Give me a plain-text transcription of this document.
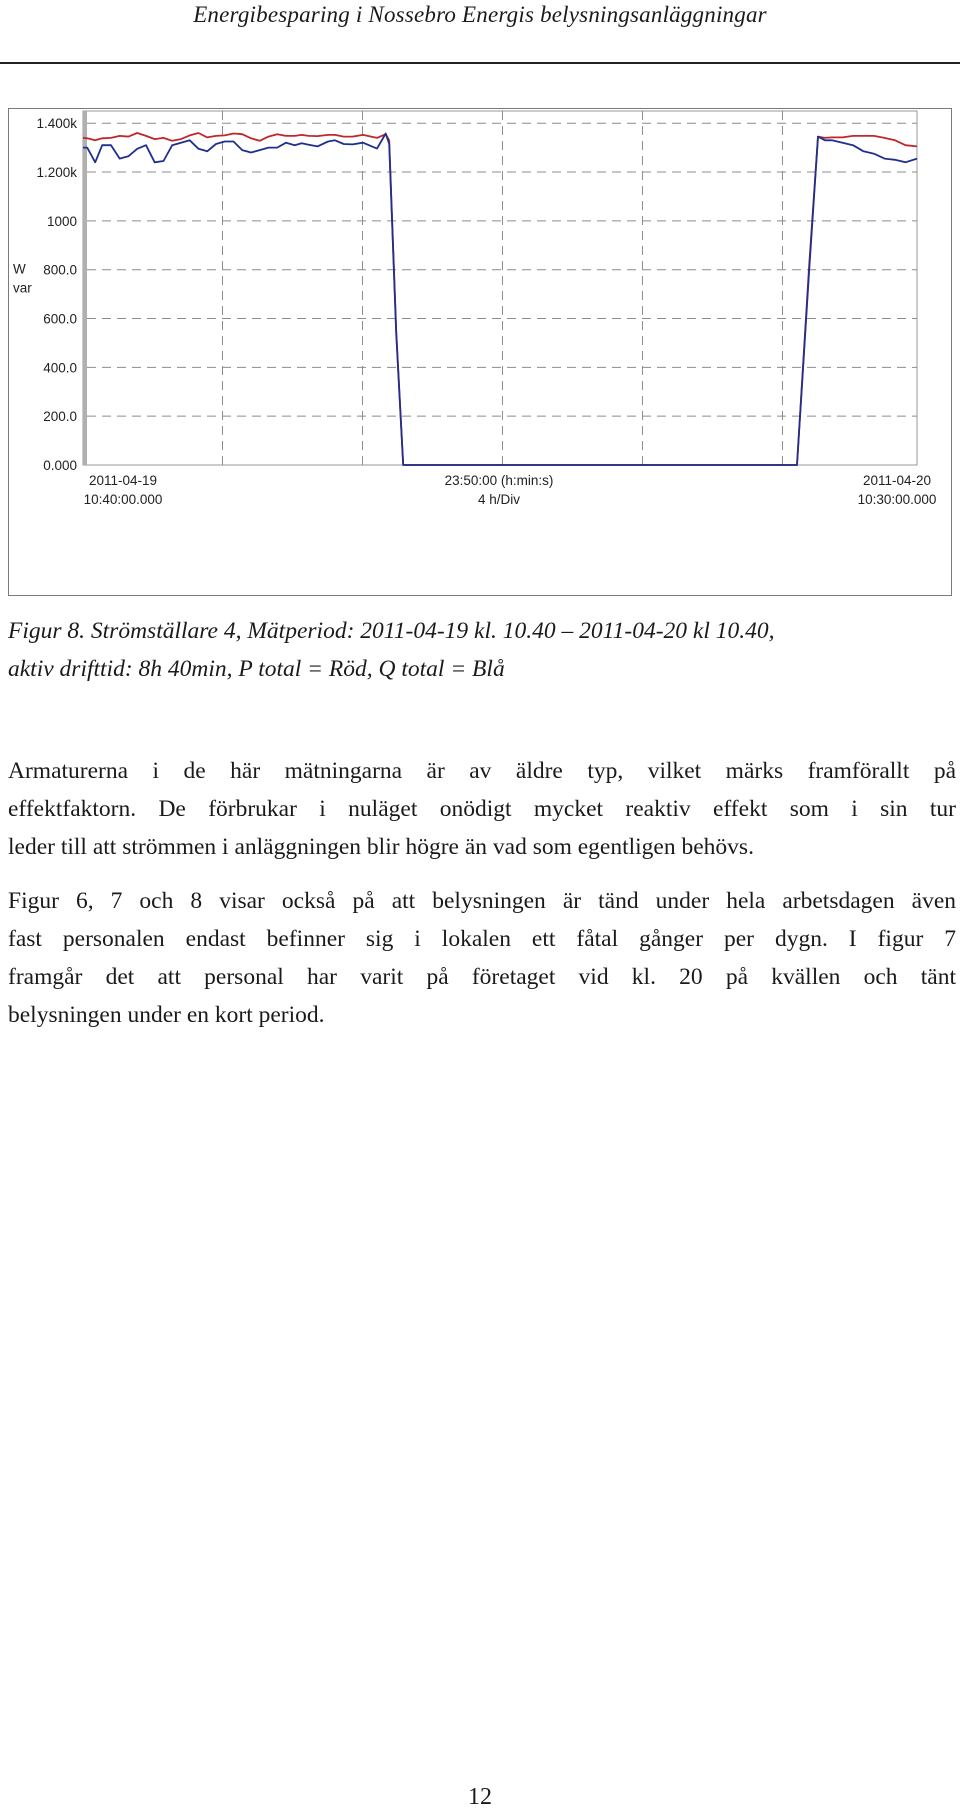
Energibesparing i Nossebro Energis belysningsanläggningar
1.400k
1.200k
1000
800.0
600.0
400.0
200.0
0.000
W
var
2011-04-19
10:40:00.000
23:50:00 (h:min:s)
4 h/Div
2011-04-20
10:30:00.000
Figur 8. Strömställare 4, Mätperiod: 2011-04-19 kl. 10.40 – 2011-04-20 kl 10.40,
aktiv drifttid: 8h 40min, P total = Röd, Q total = Blå
Armaturerna i de här mätningarna är av äldre typ, vilket märks framförallt på
effektfaktorn. De förbrukar i nuläget onödigt mycket reaktiv effekt som i sin tur
leder till att strömmen i anläggningen blir högre än vad som egentligen behövs.
Figur 6, 7 och 8 visar också på att belysningen är tänd under hela arbetsdagen även
fast personalen endast befinner sig i lokalen ett fåtal gånger per dygn. I figur 7
framgår det att personal har varit på företaget vid kl. 20 på kvällen och tänt
belysningen under en kort period.
12
